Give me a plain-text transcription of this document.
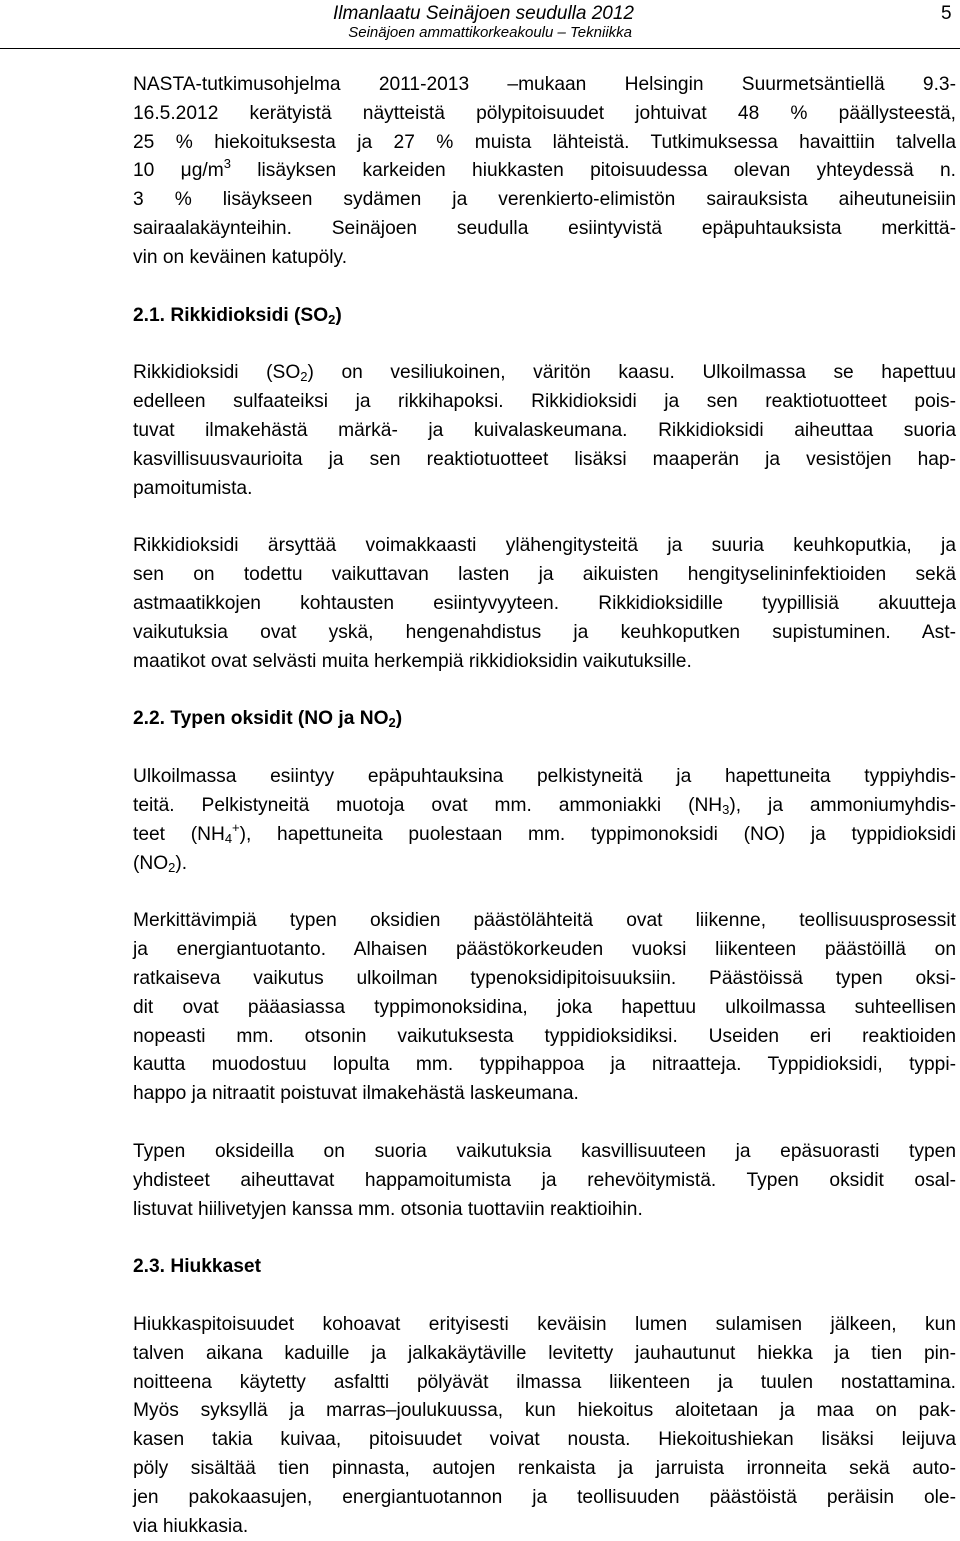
Ilmanlaatu Seinäjoen seudulla 2012
Seinäjoen ammattikorkeakoulu – Tekniikka
5
NASTA-tutkimusohjelma 2011-2013 –mukaan Helsingin Suurmetsäntiellä 9.3-
16.5.2012 kerätyistä näytteistä pölypitoisuudet johtuivat 48 % päällysteestä,
25 % hiekoituksesta ja 27 % muista lähteistä. Tutkimuksessa havaittiin talvella
10 $\mu g/m^3$ lisäyksen karkeiden hiukkasten pitoisuudessa olevan yhteydessä n.
3 % lisäykseen sydämen ja verenkierto-elimistön sairauksista aiheutuneisiin
sairaalakäynteihin. Seinäjoen seudulla esiintyvistä epäpuhtauksista merkittä-
vin on keväinen katupöly.
2.1. Rikkidioksidi $(SO_2)$
Rikkidioksidi $(SO_2)$ on vesiliukoinen, väritön kaasu. Ulkoilmassa se hapettuu
edelleen sulfaateiksi ja rikkihapoksi. Rikkidioksidi ja sen reaktiotuotteet pois-
tuvat ilmakehästä märkä- ja kuivalaskeumana. Rikkidioksidi aiheuttaa suoria
kasvillisuusvaurioita ja sen reaktiotuotteet lisäksi maaperän ja vesistöjen hap-
pamoitumista.
Rikkidioksidi ärsyttää voimakkaasti ylähengitysteitä ja suuria keuhkoputkia, ja
sen on todettu vaikuttavan lasten ja aikuisten hengityselininfektioiden sekä
astmaatikkojen kohtausten esiintyvyyteen. Rikkidioksidille tyypillisiä akuutteja
vaikutuksia ovat yskä, hengenahdistus ja keuhkoputken supistuminen. Ast-
maatikot ovat selvästi muita herkempiä rikkidioksidin vaikutuksille.
2.2. Typen oksidit (NO ja $NO_2$)
Ulkoilmassa esiintyy epäpuhtauksina pelkistyneitä ja hapettuneita typpiyhdis-
teitä. Pelkistyneitä muotoja ovat mm. ammoniakki $(NH_3)$, ja ammoniumyhdis-
teet $(NH_4^+)$, hapettuneita puolestaan mm. typpimonoksidi (NO) ja typpidioksidi
$(NO_2)$.
Merkittävimpiä typen oksidien päästölähteitä ovat liikenne, teollisuusprosessit
ja energiantuotanto. Alhaisen päästökorkeuden vuoksi liikenteen päästöillä on
ratkaiseva vaikutus ulkoilman typenoksidipitoisuuksiin. Päästöissä typen oksi-
dit ovat pääasiassa typpimonoksidina, joka hapettuu ulkoilmassa suhteellisen
nopeasti mm. otsonin vaikutuksesta typpidioksidiksi. Useiden eri reaktioiden
kautta muodostuu lopulta mm. typpihappoa ja nitraatteja. Typpidioksidi, typpi-
happo ja nitraatit poistuvat ilmakehästä laskeumana.
Typen oksideilla on suoria vaikutuksia kasvillisuuteen ja epäsuorasti typen
yhdisteet aiheuttavat happamoitumista ja rehevöitymistä. Typen oksidit osal-
listuvat hiilivetyjen kanssa mm. otsonia tuottaviin reaktioihin.
2.3. Hiukkaset
Hiukkaspitoisuudet kohoavat erityisesti keväisin lumen sulamisen jälkeen, kun
talven aikana kaduille ja jalkakäytäville levitetty jauhautunut hiekka ja tien pin-
noitteena käytetty asfaltti pölyävät ilmassa liikenteen ja tuulen nostattamina.
Myös syksyllä ja marras–joulukuussa, kun hiekoitus aloitetaan ja maa on pak-
kasen takia kuivaa, pitoisuudet voivat nousta. Hiekoitushiekan lisäksi leijuva
pöly sisältää tien pinnasta, autojen renkaista ja jarruista irronneita sekä auto-
jen pakokaasujen, energiantuotannon ja teollisuuden päästöistä peräisin ole-
via hiukkasia.
